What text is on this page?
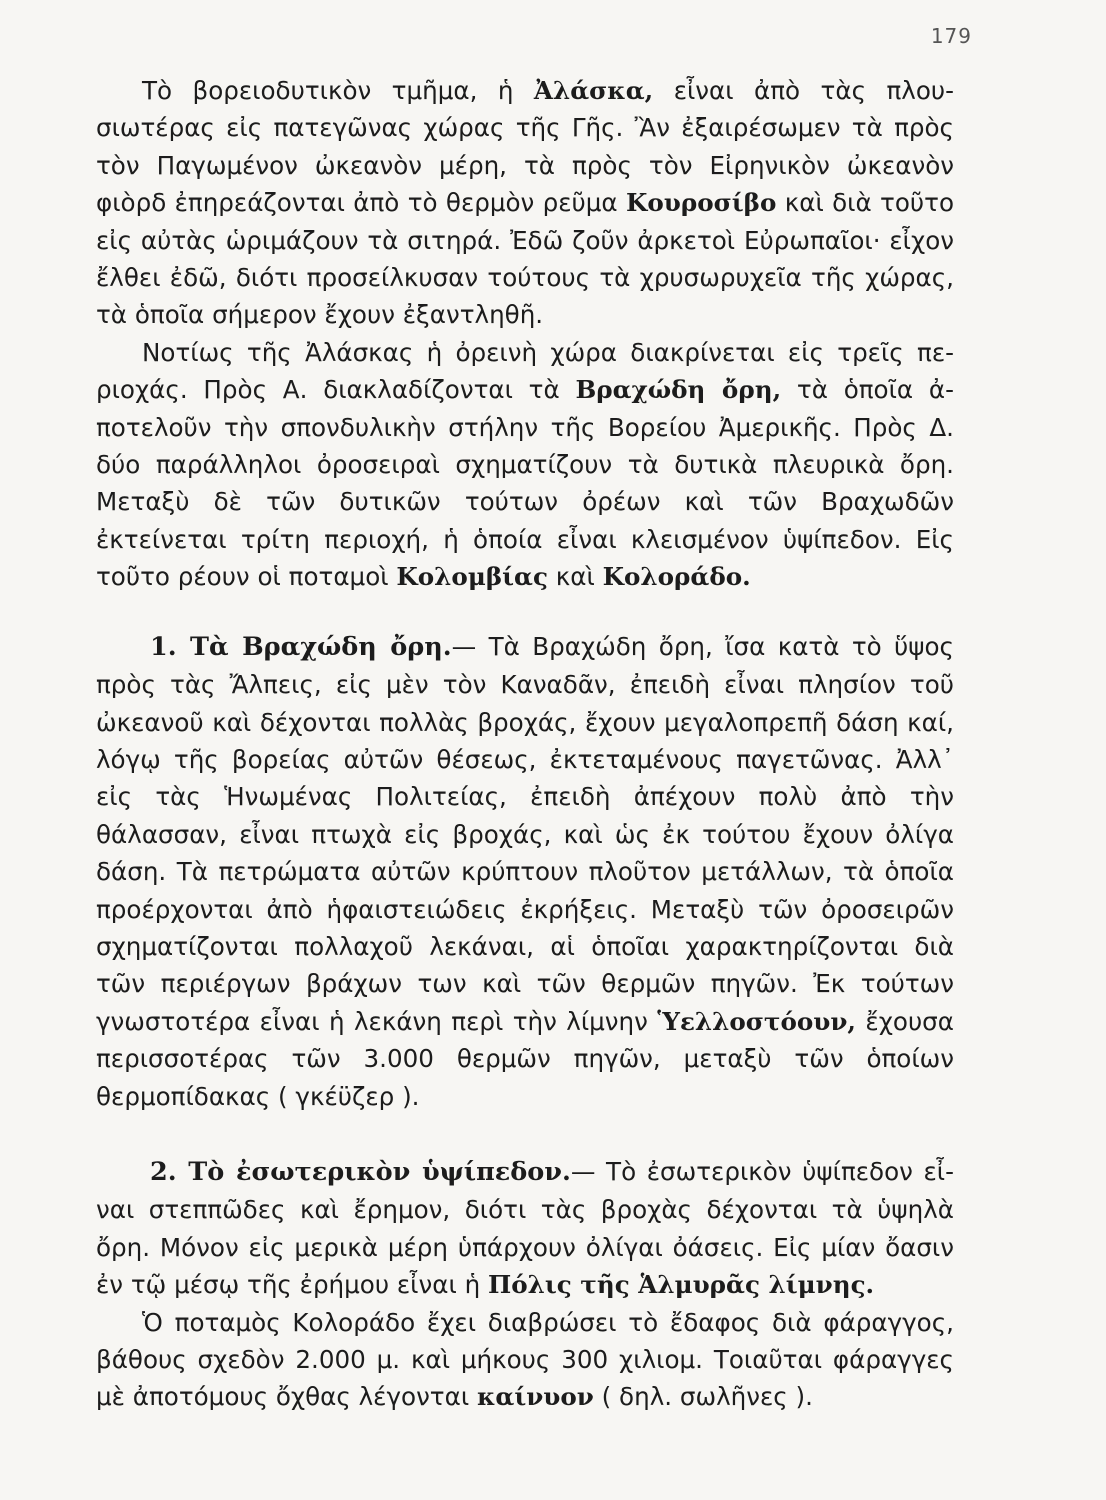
179

Τὸ βορειοδυτικὸν τμῆμα, ἡ Ἀλάσκα, εἶναι ἀπὸ τὰς πλουσιωτέρας εἰς πατεγῶνας χώρας τῆς Γῆς. Ἂν ἐξαιρέσωμεν τὰ πρὸς τὸν Παγωμένον ὠκεανὸν μέρη, τὰ πρὸς τὸν Εἰρηνικὸν ὠκεανὸν φιὸρδ ἐπηρεάζονται ἀπὸ τὸ θερμὸν ρεῦμα Κουροσίβο καὶ διὰ τοῦτο εἰς αὐτὰς ὡριμάζουν τὰ σιτηρά. Ἐδῶ ζοῦν ἀρκετοὶ Εὐρωπαῖοι· εἶχον ἔλθει ἐδῶ, διότι προσείλκυσαν τούτους τὰ χρυσωρυχεῖα τῆς χώρας, τὰ ὁποῖα σήμερον ἔχουν ἐξαντληθῆ.

Νοτίως τῆς Ἀλάσκας ἡ ὀρεινὴ χώρα διακρίνεται εἰς τρεῖς περιοχάς. Πρὸς Α. διακλαδίζονται τὰ Βραχώδη ὄρη, τὰ ὁποῖα ἀποτελοῦν τὴν σπονδυλικὴν στήλην τῆς Βορείου Ἀμερικῆς. Πρὸς Δ. δύο παράλληλοι ὀροσειραὶ σχηματίζουν τὰ δυτικὰ πλευρικὰ ὄρη. Μεταξὺ δὲ τῶν δυτικῶν τούτων ὀρέων καὶ τῶν Βραχωδῶν ἐκτείνεται τρίτη περιοχή, ἡ ὁποία εἶναι κλεισμένον ὑψίπεδον. Εἰς τοῦτο ρέουν οἱ ποταμοὶ Κολομβίας καὶ Κολοράδο.

1. Τὰ Βραχώδη ὄρη.— Τὰ Βραχώδη ὄρη, ἴσα κατὰ τὸ ὕψος πρὸς τὰς Ἄλπεις, εἰς μὲν τὸν Καναδᾶν, ἐπειδὴ εἶναι πλησίον τοῦ ὠκεανοῦ καὶ δέχονται πολλὰς βροχάς, ἔχουν μεγαλοπρεπῆ δάση καί, λόγῳ τῆς βορείας αὐτῶν θέσεως, ἐκτεταμένους παγετῶνας. Ἀλλ᾿ εἰς τὰς Ἡνωμένας Πολιτείας, ἐπειδὴ ἀπέχουν πολὺ ἀπὸ τὴν θάλασσαν, εἶναι πτωχὰ εἰς βροχάς, καὶ ὡς ἐκ τούτου ἔχουν ὀλίγα δάση. Τὰ πετρώματα αὐτῶν κρύπτουν πλοῦτον μετάλλων, τὰ ὁποῖα προέρχονται ἀπὸ ἡφαιστειώδεις ἐκρήξεις. Μεταξὺ τῶν ὀροσειρῶν σχηματίζονται πολλαχοῦ λεκάναι, αἱ ὁποῖαι χαρακτηρίζονται διὰ τῶν περιέργων βράχων των καὶ τῶν θερμῶν πηγῶν. Ἐκ τούτων γνωστοτέρα εἶναι ἡ λεκάνη περὶ τὴν λίμνην Ὑελλοστόουν, ἔχουσα περισσοτέρας τῶν 3.000 θερμῶν πηγῶν, μεταξὺ τῶν ὁποίων θερμοπίδακας ( γκέϋζερ ).

2. Τὸ ἐσωτερικὸν ὑψίπεδον.— Τὸ ἐσωτερικὸν ὑψίπεδον εἶναι στεππῶδες καὶ ἔρημον, διότι τὰς βροχὰς δέχονται τὰ ὑψηλὰ ὄρη. Μόνον εἰς μερικὰ μέρη ὑπάρχουν ὀλίγαι ὀάσεις. Εἰς μίαν ὄασιν ἐν τῷ μέσῳ τῆς ἐρήμου εἶναι ἡ Πόλις τῆς Ἁλμυρᾶς λίμνης.

Ὁ ποταμὸς Κολοράδο ἔχει διαβρώσει τὸ ἔδαφος διὰ φάραγγος, βάθους σχεδὸν 2.000 μ. καὶ μήκους 300 χιλιομ. Τοιαῦται φάραγγες μὲ ἀποτόμους ὄχθας λέγονται καίνυον ( δηλ. σωλῆνες ).
